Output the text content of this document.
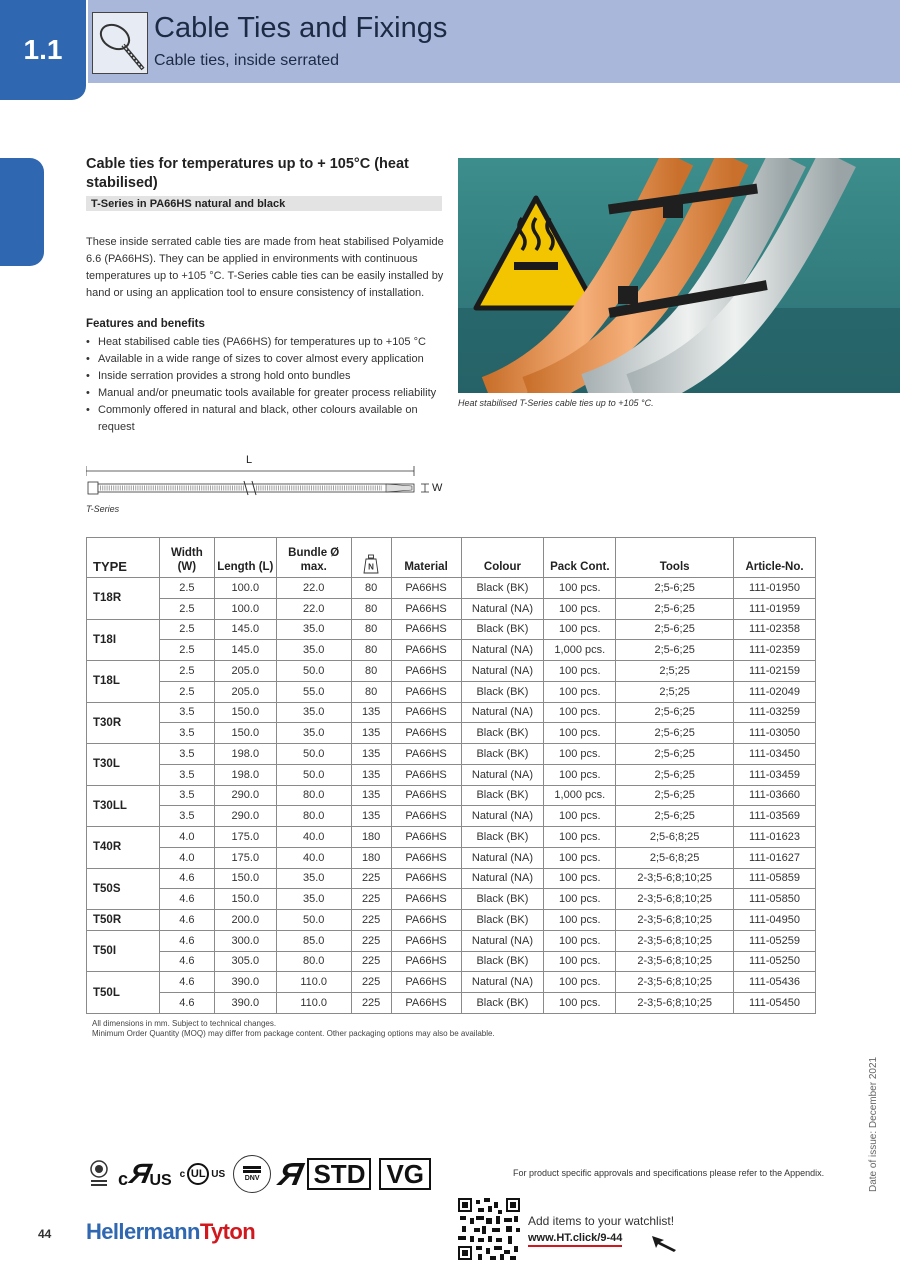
1.1
Cable Ties and Fixings
Cable ties, inside serrated
Cable ties for temperatures up to + 105°C (heat stabilised)
T-Series in PA66HS natural and black

These inside serrated cable ties are made from heat stabilised Polyamide 6.6 (PA66HS). They can be applied in environments with continuous temperatures up to +105 °C. T-Series cable ties can be easily installed by hand or using an application tool to ensure consistency of installation.

Features and benefits
• Heat stabilised cable ties (PA66HS) for temperatures up to +105 °C
• Available in a wide range of sizes to cover almost every application
• Inside serration provides a strong hold onto bundles
• Manual and/or pneumatic tools available for greater process reliability
• Commonly offered in natural and black, other colours available on request
Heat stabilised T-Series cable ties up to +105 °C.
L
W
T-Series
TYPE	Width (W)	Length (L)	Bundle Ø max.	N	Material	Colour	Pack Cont.	Tools	Article-No.
T18R	2.5	100.0	22.0	80	PA66HS	Black (BK)	100 pcs.	2;5-6;25	111-01950
	2.5	100.0	22.0	80	PA66HS	Natural (NA)	100 pcs.	2;5-6;25	111-01959
T18I	2.5	145.0	35.0	80	PA66HS	Black (BK)	100 pcs.	2;5-6;25	111-02358
	2.5	145.0	35.0	80	PA66HS	Natural (NA)	1,000 pcs.	2;5-6;25	111-02359
T18L	2.5	205.0	50.0	80	PA66HS	Natural (NA)	100 pcs.	2;5;25	111-02159
	2.5	205.0	55.0	80	PA66HS	Black (BK)	100 pcs.	2;5;25	111-02049
T30R	3.5	150.0	35.0	135	PA66HS	Natural (NA)	100 pcs.	2;5-6;25	111-03259
	3.5	150.0	35.0	135	PA66HS	Black (BK)	100 pcs.	2;5-6;25	111-03050
T30L	3.5	198.0	50.0	135	PA66HS	Black (BK)	100 pcs.	2;5-6;25	111-03450
	3.5	198.0	50.0	135	PA66HS	Natural (NA)	100 pcs.	2;5-6;25	111-03459
T30LL	3.5	290.0	80.0	135	PA66HS	Black (BK)	1,000 pcs.	2;5-6;25	111-03660
	3.5	290.0	80.0	135	PA66HS	Natural (NA)	100 pcs.	2;5-6;25	111-03569
T40R	4.0	175.0	40.0	180	PA66HS	Black (BK)	100 pcs.	2;5-6;8;25	111-01623
	4.0	175.0	40.0	180	PA66HS	Natural (NA)	100 pcs.	2;5-6;8;25	111-01627
T50S	4.6	150.0	35.0	225	PA66HS	Natural (NA)	100 pcs.	2-3;5-6;8;10;25	111-05859
	4.6	150.0	35.0	225	PA66HS	Black (BK)	100 pcs.	2-3;5-6;8;10;25	111-05850
T50R	4.6	200.0	50.0	225	PA66HS	Black (BK)	100 pcs.	2-3;5-6;8;10;25	111-04950
T50I	4.6	300.0	85.0	225	PA66HS	Natural (NA)	100 pcs.	2-3;5-6;8;10;25	111-05259
	4.6	305.0	80.0	225	PA66HS	Black (BK)	100 pcs.	2-3;5-6;8;10;25	111-05250
T50L	4.6	390.0	110.0	225	PA66HS	Natural (NA)	100 pcs.	2-3;5-6;8;10;25	111-05436
	4.6	390.0	110.0	225	PA66HS	Black (BK)	100 pcs.	2-3;5-6;8;10;25	111-05450
All dimensions in mm. Subject to technical changes.
Minimum Order Quantity (MOQ) may differ from package content. Other packaging options may also be available.
Date of issue: December 2021
c
Я
US c UL US	DNV Я STD VG	For product specific approvals and specifications please refer to the Appendix.
Add items to your watchlist!
www.HT.click/9-44
44 HellermannTyton
